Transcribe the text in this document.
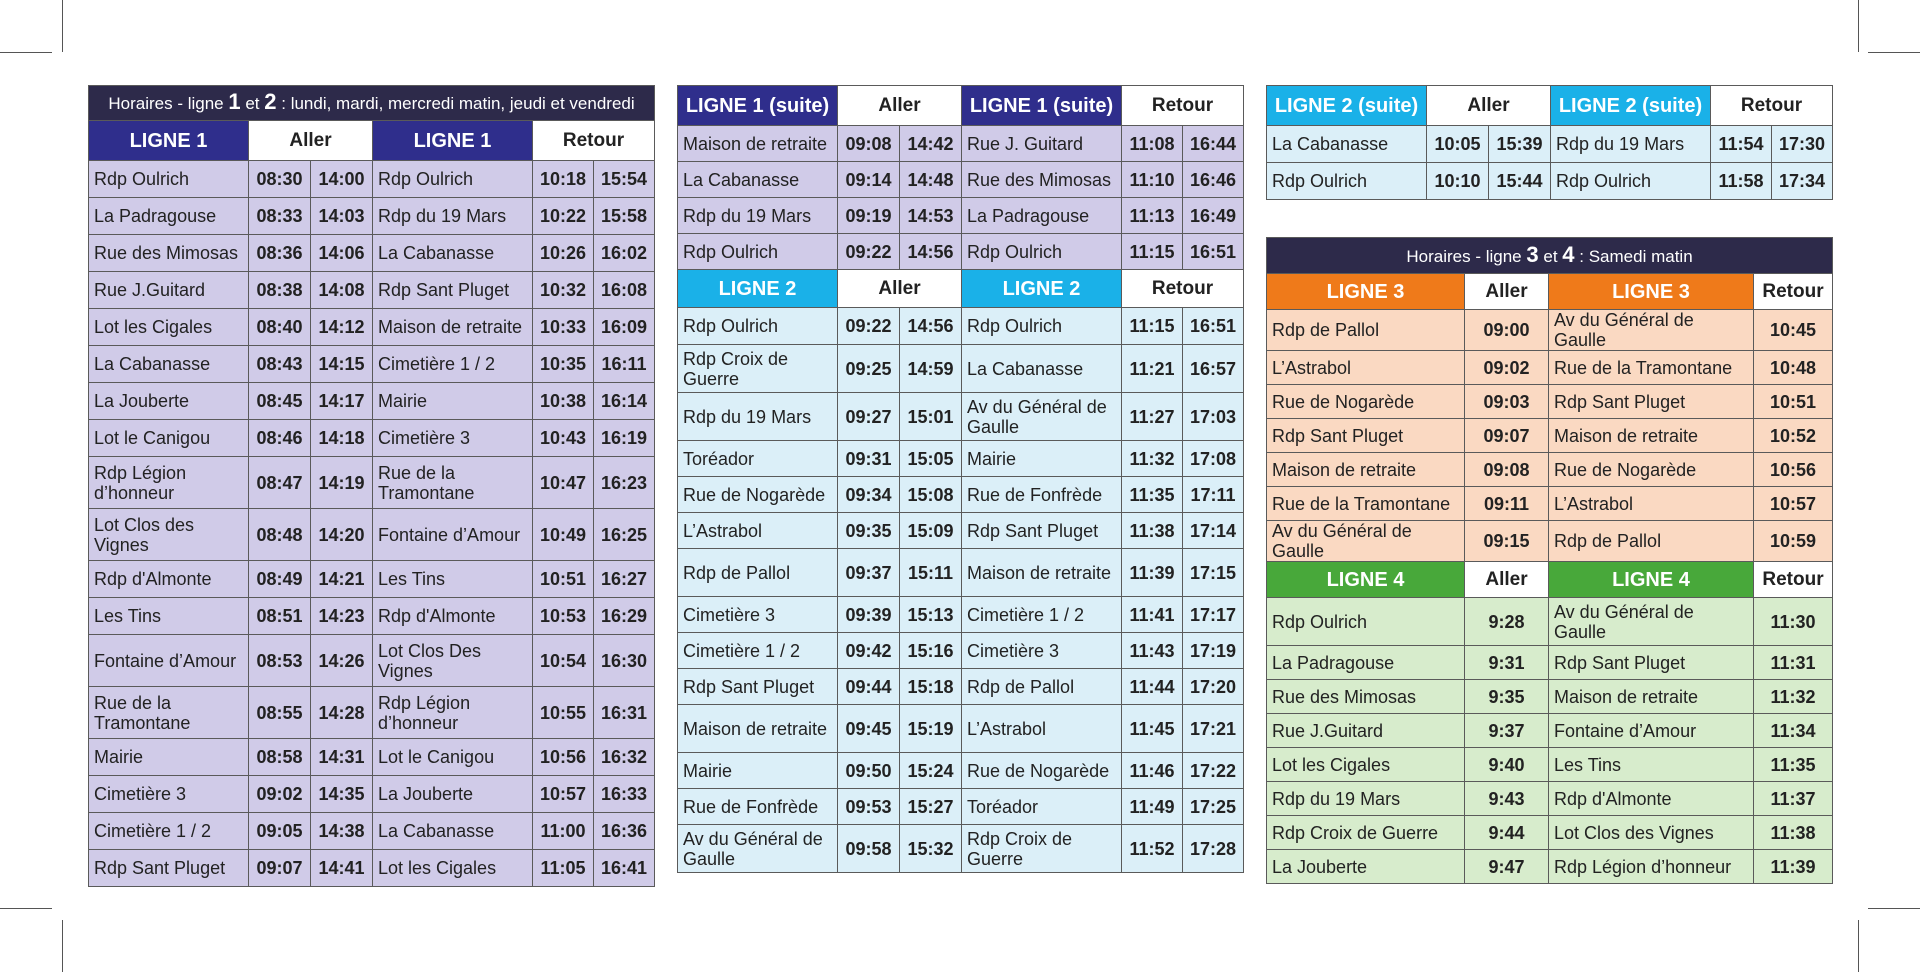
Horaires - ligne 1 et 2 : lundi, mardi, mercredi matin, jeudi et vendredi					
LIGNE 1	Aller		LIGNE 1	Retour	
Rdp Oulrich	08:30	14:00	Rdp Oulrich	10:18	15:54
La Padragouse	08:33	14:03	Rdp du 19 Mars	10:22	15:58
Rue des Mimosas	08:36	14:06	La Cabanasse	10:26	16:02
Rue J.Guitard	08:38	14:08	Rdp Sant Pluget	10:32	16:08
Lot les Cigales	08:40	14:12	Maison de retraite	10:33	16:09
La Cabanasse	08:43	14:15	Cimetière 1 / 2	10:35	16:11
La Jouberte	08:45	14:17	Mairie	10:38	16:14
Lot le Canigou	08:46	14:18	Cimetière 3	10:43	16:19
Rdp Légion d’honneur	08:47	14:19	Rue de la Tramontane	10:47	16:23
Lot Clos des Vignes	08:48	14:20	Fontaine d’Amour	10:49	16:25
Rdp d'Almonte	08:49	14:21	Les Tins	10:51	16:27
Les Tins	08:51	14:23	Rdp d'Almonte	10:53	16:29
Fontaine d’Amour	08:53	14:26	Lot Clos Des Vignes	10:54	16:30
Rue de la Tramontane	08:55	14:28	Rdp Légion d’honneur	10:55	16:31
Mairie	08:58	14:31	Lot le Canigou	10:56	16:32
Cimetière 3	09:02	14:35	La Jouberte	10:57	16:33
Cimetière 1 / 2	09:05	14:38	La Cabanasse	11:00	16:36
Rdp Sant Pluget	09:07	14:41	Lot les Cigales	11:05	16:41
LIGNE 1 (suite)	Aller		LIGNE 1 (suite)	Retour	
Maison de retraite	09:08	14:42	Rue J. Guitard	11:08	16:44
La Cabanasse	09:14	14:48	Rue des Mimosas	11:10	16:46
Rdp du 19 Mars	09:19	14:53	La Padragouse	11:13	16:49
Rdp Oulrich	09:22	14:56	Rdp Oulrich	11:15	16:51
LIGNE 2	Aller		LIGNE 2	Retour	
Rdp Oulrich	09:22	14:56	Rdp Oulrich	11:15	16:51
Rdp Croix de Guerre	09:25	14:59	La Cabanasse	11:21	16:57
Rdp du 19 Mars	09:27	15:01	Av du Général de Gaulle	11:27	17:03
Toréador	09:31	15:05	Mairie	11:32	17:08
Rue de Nogarède	09:34	15:08	Rue de Fonfrède	11:35	17:11
L’Astrabol	09:35	15:09	Rdp Sant Pluget	11:38	17:14
Rdp de Pallol	09:37	15:11	Maison de retraite	11:39	17:15
Cimetière 3	09:39	15:13	Cimetière 1 / 2	11:41	17:17
Cimetière 1 / 2	09:42	15:16	Cimetière 3	11:43	17:19
Rdp Sant Pluget	09:44	15:18	Rdp de Pallol	11:44	17:20
Maison de retraite	09:45	15:19	L’Astrabol	11:45	17:21
Mairie	09:50	15:24	Rue de Nogarède	11:46	17:22
Rue de Fonfrède	09:53	15:27	Toréador	11:49	17:25
Av du Général de Gaulle	09:58	15:32	Rdp Croix de Guerre	11:52	17:28
LIGNE 2 (suite)	Aller		LIGNE 2 (suite)	Retour	
La Cabanasse	10:05	15:39	Rdp du 19 Mars	11:54	17:30
Rdp Oulrich	10:10	15:44	Rdp Oulrich	11:58	17:34
Horaires - ligne 3 et 4 : Samedi matin			
LIGNE 3	Aller	LIGNE 3	Retour
Rdp de Pallol	09:00	Av du Général de Gaulle	10:45
L’Astrabol	09:02	Rue de la Tramontane	10:48
Rue de Nogarède	09:03	Rdp Sant Pluget	10:51
Rdp Sant Pluget	09:07	Maison de retraite	10:52
Maison de retraite	09:08	Rue de Nogarède	10:56
Rue de la Tramontane	09:11	L’Astrabol	10:57
Av du Général de Gaulle	09:15	Rdp de Pallol	10:59
LIGNE 4	Aller	LIGNE 4	Retour
Rdp Oulrich	9:28	Av du Général de Gaulle	11:30
La Padragouse	9:31	Rdp Sant Pluget	11:31
Rue des Mimosas	9:35	Maison de retraite	11:32
Rue J.Guitard	9:37	Fontaine d’Amour	11:34
Lot les Cigales	9:40	Les Tins	11:35
Rdp du 19 Mars	9:43	Rdp d'Almonte	11:37
Rdp Croix de Guerre	9:44	Lot Clos des Vignes	11:38
La Jouberte	9:47	Rdp Légion d’honneur	11:39
